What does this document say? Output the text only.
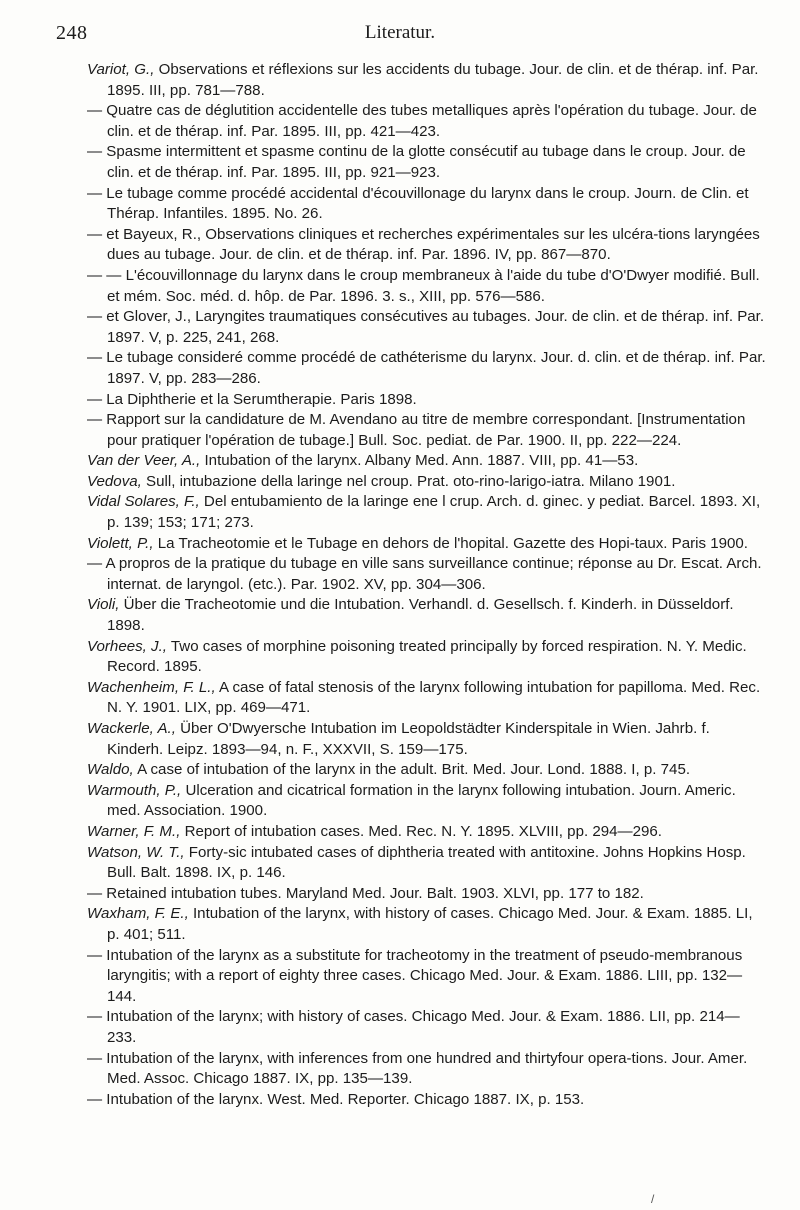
248	Literatur.

Variot, G., Observations et réflexions sur les accidents du tubage. Jour. de clin. et de thérap. inf. Par. 1895. III, pp. 781—788.

— Quatre cas de déglutition accidentelle des tubes metalliques après l'opération du tubage. Jour. de clin. et de thérap. inf. Par. 1895. III, pp. 421—423.

— Spasme intermittent et spasme continu de la glotte consécutif au tubage dans le croup. Jour. de clin. et de thérap. inf. Par. 1895. III, pp. 921—923.

— Le tubage comme procédé accidental d'écouvillonage du larynx dans le croup. Journ. de Clin. et Thérap. Infantiles. 1895. No. 26.

— et Bayeux, R., Observations cliniques et recherches expérimentales sur les ulcéra-tions laryngées dues au tubage. Jour. de clin. et de thérap. inf. Par. 1896. IV, pp. 867—870.

— — L'écouvillonnage du larynx dans le croup membraneux à l'aide du tube d'O'Dwyer modifié. Bull. et mém. Soc. méd. d. hôp. de Par. 1896. 3. s., XIII, pp. 576—586.

— et Glover, J., Laryngites traumatiques consécutives au tubages. Jour. de clin. et de thérap. inf. Par. 1897. V, p. 225, 241, 268.

— Le tubage consideré comme procédé de cathéterisme du larynx. Jour. d. clin. et de thérap. inf. Par. 1897. V, pp. 283—286.

— La Diphtherie et la Serumtherapie. Paris 1898.

— Rapport sur la candidature de M. Avendano au titre de membre correspondant. [Instrumentation pour pratiquer l'opération de tubage.] Bull. Soc. pediat. de Par. 1900. II, pp. 222—224.

Van der Veer, A., Intubation of the larynx. Albany Med. Ann. 1887. VIII, pp. 41—53.

Vedova, Sull, intubazione della laringe nel croup. Prat. oto-rino-larigo-iatra. Milano 1901.

Vidal Solares, F., Del entubamiento de la laringe ene l crup. Arch. d. ginec. y pediat. Barcel. 1893. XI, p. 139; 153; 171; 273.

Violett, P., La Tracheotomie et le Tubage en dehors de l'hopital. Gazette des Hopi-taux. Paris 1900.

— A propros de la pratique du tubage en ville sans surveillance continue; réponse au Dr. Escat. Arch. internat. de laryngol. (etc.). Par. 1902. XV, pp. 304—306.

Violi, Über die Tracheotomie und die Intubation. Verhandl. d. Gesellsch. f. Kinderh. in Düsseldorf. 1898.

Vorhees, J., Two cases of morphine poisoning treated principally by forced respiration. N. Y. Medic. Record. 1895.

Wachenheim, F. L., A case of fatal stenosis of the larynx following intubation for papilloma. Med. Rec. N. Y. 1901. LIX, pp. 469—471.

Wackerle, A., Über O'Dwyersche Intubation im Leopoldstädter Kinderspitale in Wien. Jahrb. f. Kinderh. Leipz. 1893—94, n. F., XXXVII, S. 159—175.

Waldo, A case of intubation of the larynx in the adult. Brit. Med. Jour. Lond. 1888. I, p. 745.

Warmouth, P., Ulceration and cicatrical formation in the larynx following intubation. Journ. Americ. med. Association. 1900.

Warner, F. M., Report of intubation cases. Med. Rec. N. Y. 1895. XLVIII, pp. 294—296.

Watson, W. T., Forty-sic intubated cases of diphtheria treated with antitoxine. Johns Hopkins Hosp. Bull. Balt. 1898. IX, p. 146.

— Retained intubation tubes. Maryland Med. Jour. Balt. 1903. XLVI, pp. 177 to 182.

Waxham, F. E., Intubation of the larynx, with history of cases. Chicago Med. Jour. & Exam. 1885. LI, p. 401; 511.

— Intubation of the larynx as a substitute for tracheotomy in the treatment of pseudo-membranous laryngitis; with a report of eighty three cases. Chicago Med. Jour. & Exam. 1886. LIII, pp. 132—144.

— Intubation of the larynx; with history of cases. Chicago Med. Jour. & Exam. 1886. LII, pp. 214—233.

— Intubation of the larynx, with inferences from one hundred and thirtyfour opera-tions. Jour. Amer. Med. Assoc. Chicago 1887. IX, pp. 135—139.

— Intubation of the larynx. West. Med. Reporter. Chicago 1887. IX, p. 153.

/
